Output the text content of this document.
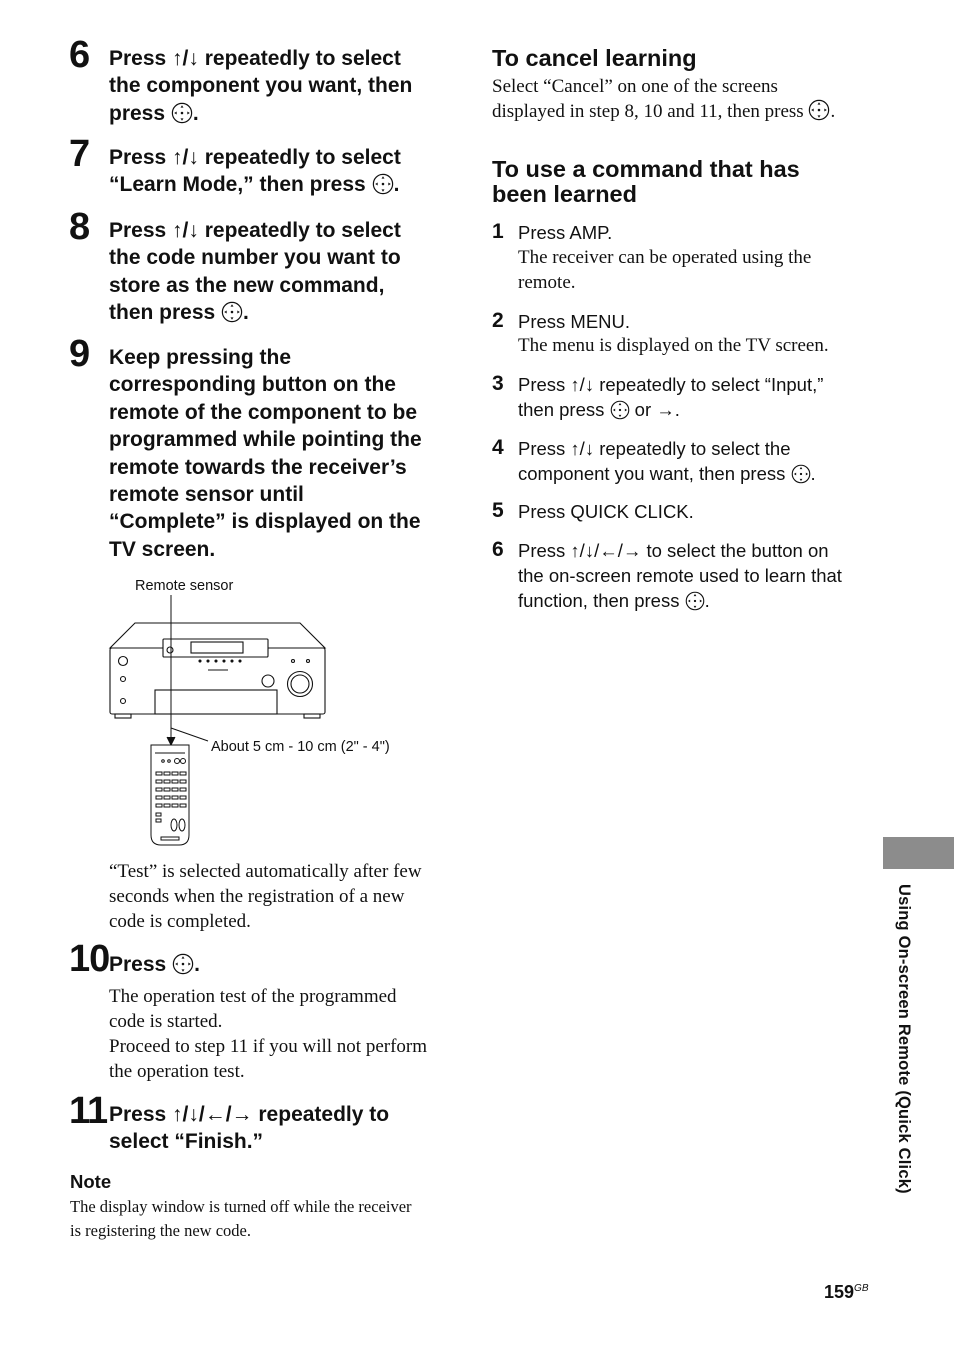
6 Press ↑/↓ repeatedly to select
the component you want, then
press .
7 Press ↑/↓ repeatedly to select
“Learn Mode,” then press .
8 Press ↑/↓ repeatedly to select
the code number you want to
store as the new command,
then press .
9 Keep pressing the
corresponding button on the
remote of the component to be
programmed while pointing the
remote towards the receiver’s
remote sensor until
“Complete” is displayed on the
TV screen.
Remote sensor
About 5 cm - 10 cm (2" - 4")
“Test” is selected automatically after few
seconds when the registration of a new
code is completed.
10 Press .
The operation test of the programmed
code is started.
Proceed to step 11 if you will not perform
the operation test.
11 Press ↑/↓/←/→ repeatedly to
select “Finish.”
Note
The display window is turned off while the receiver
is registering the new code.
To cancel learning
Select “Cancel” on one of the screens
displayed in step 8, 10 and 11, then press .
To use a command that has
been learned
1 Press AMP.
The receiver can be operated using the
remote.
2 Press MENU.
The menu is displayed on the TV screen.
3 Press ↑/↓ repeatedly to select “Input,”
then press or →.
4 Press ↑/↓ repeatedly to select the
component you want, then press .
5 Press QUICK CLICK.
6 Press ↑/↓/←/→ to select the button on
the on-screen remote used to learn that
function, then press .
Using On-screen Remote (Quick Click)
$159^{GB}$
